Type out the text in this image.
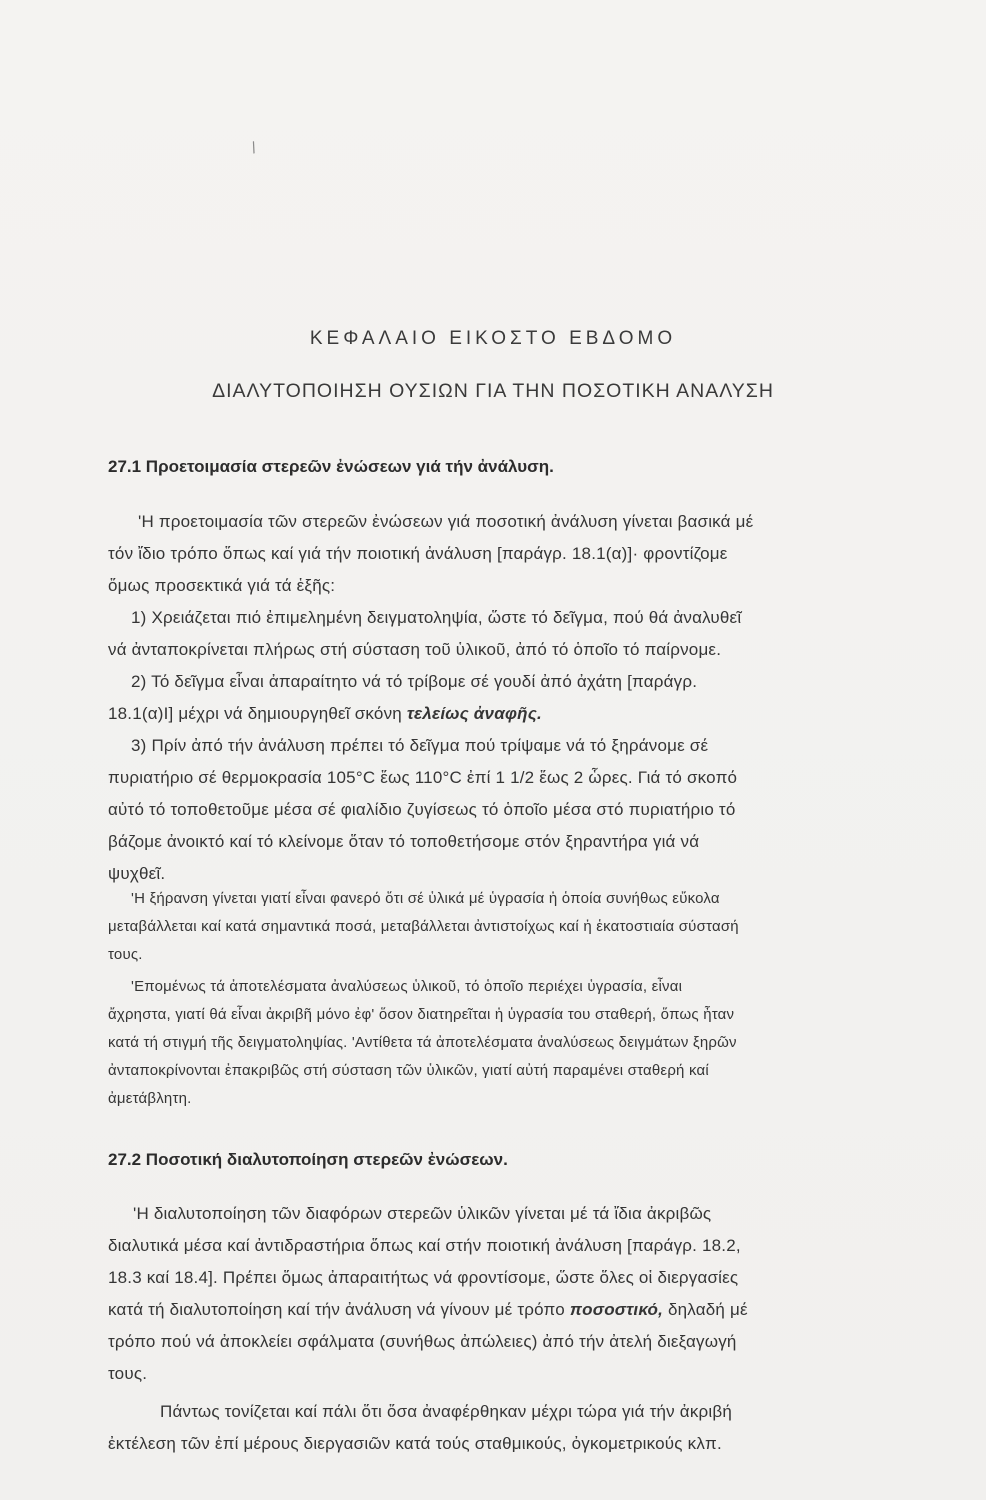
/
ΚΕΦΑΛΑΙΟ ΕΙΚΟΣΤΟ ΕΒΔΟΜΟ
ΔΙΑΛΥΤΟΠΟΙΗΣΗ ΟΥΣΙΩΝ ΓΙΑ ΤΗΝ ΠΟΣΟΤΙΚΗ ΑΝΑΛΥΣΗ
27.1 Προετοιμασία στερεῶν ἐνώσεων γιά τήν ἀνάλυση.
'Η προετοιμασία τῶν στερεῶν ἐνώσεων γιά ποσοτική ἀνάλυση γίνεται βασικά μέ
τόν ἴδιο τρόπο ὅπως καί γιά τήν ποιοτική ἀνάλυση [παράγρ. 18.1(α)]· φροντίζομε
ὅμως προσεκτικά γιά τά ἑξῆς:
1) Χρειάζεται πιό ἐπιμελημένη δειγματοληψία, ὥστε τό δεῖγμα, πού θά ἀναλυθεῖ
νά ἀνταποκρίνεται πλήρως στή σύσταση τοῦ ὑλικοῦ, ἀπό τό ὁποῖο τό παίρνομε.
2) Τό δεῖγμα εἶναι ἀπαραίτητο νά τό τρίβομε σέ γουδί ἀπό ἀχάτη [παράγρ.
18.1(α)Ι] μέχρι νά δημιουργηθεῖ σκόνη τελείως ἀναφῆς.
3) Πρίν ἀπό τήν ἀνάλυση πρέπει τό δεῖγμα πού τρίψαμε νά τό ξηράνομε σέ
πυριατήριο σέ θερμοκρασία 105°C ἕως 110°C ἐπί 1 1/2 ἕως 2 ὧρες. Γιά τό σκοπό
αὐτό τό τοποθετοῦμε μέσα σέ φιαλίδιο ζυγίσεως τό ὁποῖο μέσα στό πυριατήριο τό
βάζομε ἀνοικτό καί τό κλείνομε ὅταν τό τοποθετήσομε στόν ξηραντήρα γιά νά
ψυχθεῖ.
'Η ξήρανση γίνεται γιατί εἶναι φανερό ὅτι σέ ὑλικά μέ ὑγρασία ἡ ὁποία συνήθως εὔκολα
μεταβάλλεται καί κατά σημαντικά ποσά, μεταβάλλεται ἀντιστοίχως καί ἡ ἑκατοστιαία σύστασή
τους.
'Επομένως τά ἀποτελέσματα ἀναλύσεως ὑλικοῦ, τό ὁποῖο περιέχει ὑγρασία, εἶναι
ἄχρηστα, γιατί θά εἶναι ἀκριβῆ μόνο ἐφ' ὅσον διατηρεῖται ἡ ὑγρασία του σταθερή, ὅπως ἦταν
κατά τή στιγμή τῆς δειγματοληψίας. 'Αντίθετα τά ἀποτελέσματα ἀναλύσεως δειγμάτων ξηρῶν
ἀνταποκρίνονται ἐπακριβῶς στή σύσταση τῶν ὑλικῶν, γιατί αὐτή παραμένει σταθερή καί
ἀμετάβλητη.
27.2 Ποσοτική διαλυτοποίηση στερεῶν ἐνώσεων.
'Η διαλυτοποίηση τῶν διαφόρων στερεῶν ὑλικῶν γίνεται μέ τά ἴδια ἀκριβῶς
διαλυτικά μέσα καί ἀντιδραστήρια ὅπως καί στήν ποιοτική ἀνάλυση [παράγρ. 18.2,
18.3 καί 18.4]. Πρέπει ὅμως ἀπαραιτήτως νά φροντίσομε, ὥστε ὅλες οἱ διεργασίες
κατά τή διαλυτοποίηση καί τήν ἀνάλυση νά γίνουν μέ τρόπο ποσοστικό, δηλαδή μέ
τρόπο πού νά ἀποκλείει σφάλματα (συνήθως ἀπώλειες) ἀπό τήν ἀτελή διεξαγωγή
τους.
Πάντως τονίζεται καί πάλι ὅτι ὅσα ἀναφέρθηκαν μέχρι τώρα γιά τήν ἀκριβή
ἐκτέλεση τῶν ἐπί μέρους διεργασιῶν κατά τούς σταθμικούς, ὀγκομετρικούς κλπ.
